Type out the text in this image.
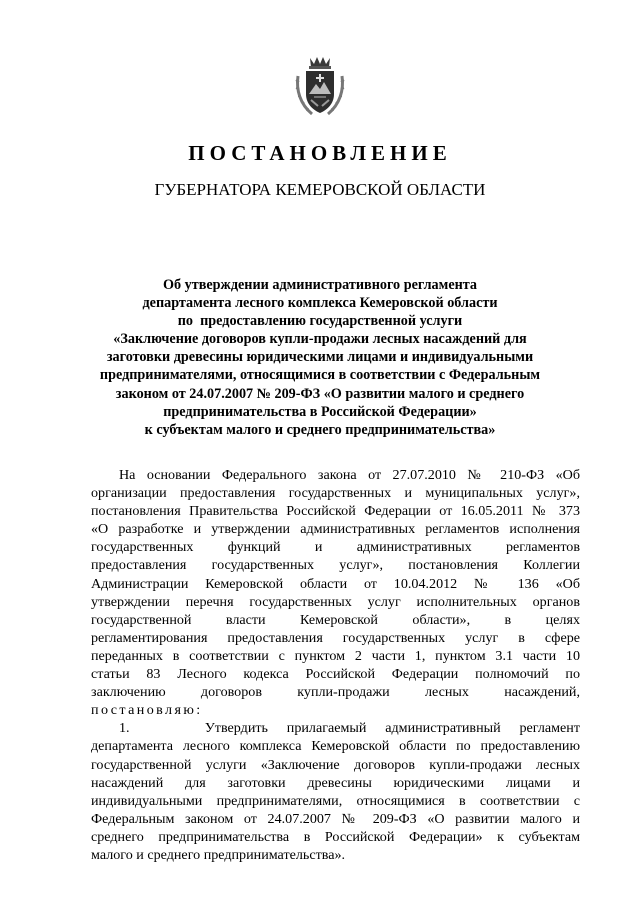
ПОСТАНОВЛЕНИЕ
ГУБЕРНАТОРА КЕМЕРОВСКОЙ ОБЛАСТИ
Об утверждении административного регламента
департамента лесного комплекса Кемеровской области
по  предоставлению государственной услуги
«Заключение договоров купли-продажи лесных насаждений для
заготовки древесины юридическими лицами и индивидуальными
предпринимателями, относящимися в соответствии с Федеральным
законом от 24.07.2007 № 209-ФЗ «О развитии малого и среднего
предпринимательства в Российской Федерации»
к субъектам малого и среднего предпринимательства»
На основании Федерального закона от 27.07.2010 № 210-ФЗ «Об
организации предоставления государственных и муниципальных услуг»,
постановления Правительства Российской Федерации от 16.05.2011 № 373
«О разработке и утверждении административных регламентов исполнения
государственных функций и административных регламентов
предоставления государственных услуг», постановления Коллегии
Администрации Кемеровской области от 10.04.2012 № 136 «Об
утверждении перечня государственных услуг исполнительных органов
государственной власти Кемеровской области», в целях
регламентирования предоставления государственных услуг в сфере
переданных в соответствии с пунктом 2 части 1, пунктом 3.1 части 10
статьи 83 Лесного кодекса Российской Федерации полномочий по
заключению договоров купли-продажи лесных насаждений,
постановляю:
1.    Утвердить прилагаемый административный регламент
департамента лесного комплекса Кемеровской области по предоставлению
государственной услуги «Заключение договоров купли-продажи лесных
насаждений для заготовки древесины юридическими лицами и
индивидуальными предпринимателями, относящимися в соответствии с
Федеральным законом от 24.07.2007 № 209-ФЗ «О развитии малого и
среднего предпринимательства в Российской Федерации» к субъектам
малого и среднего предпринимательства».
